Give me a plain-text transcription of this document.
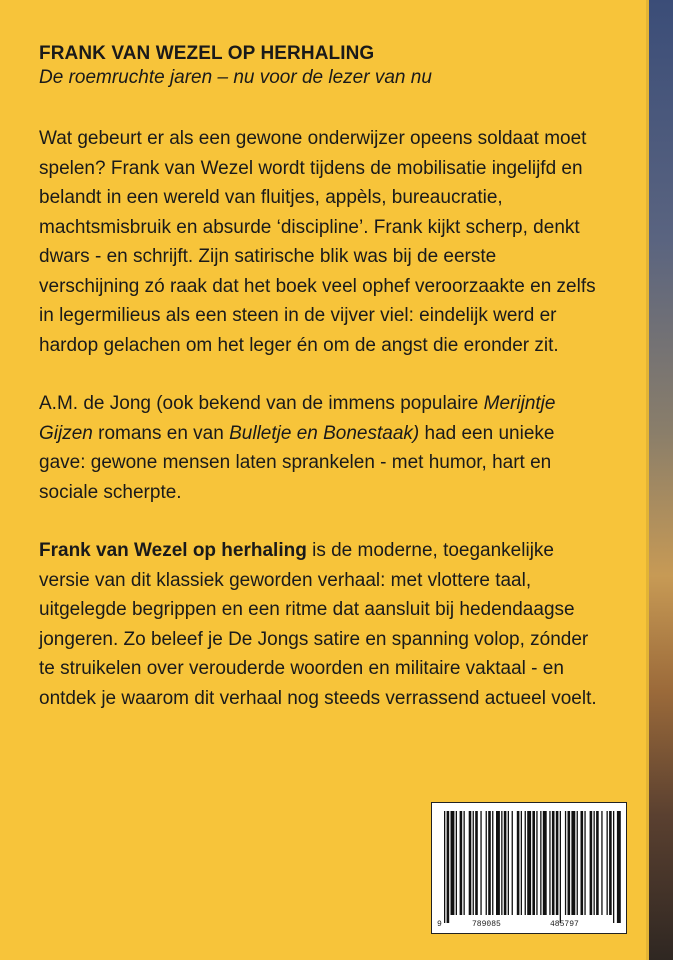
FRANK VAN WEZEL OP HERHALING
De roemruchte jaren – nu voor de lezer van nu

Wat gebeurt er als een gewone onderwijzer opeens soldaat moet spelen? Frank van Wezel wordt tijdens de mobilisatie ingelijfd en belandt in een wereld van fluitjes, appèls, bureaucratie, machtsmisbruik en absurde ‘discipline’. Frank kijkt scherp, denkt dwars - en schrijft. Zijn satirische blik was bij de eerste verschijning zó raak dat het boek veel ophef veroorzaakte en zelfs in legermilieus als een steen in de vijver viel: eindelijk werd er hardop gelachen om het leger én om de angst die eronder zit.

A.M. de Jong (ook bekend van de immens populaire Merijntje Gijzen romans en van Bulletje en Bonestaak) had een unieke gave: gewone mensen laten sprankelen - met humor, hart en sociale scherpte.

Frank van Wezel op herhaling is de moderne, toegankelijke versie van dit klassiek geworden verhaal: met vlottere taal, uitgelegde begrippen en een ritme dat aansluit bij hedendaagse jongeren. Zo beleef je De Jongs satire en spanning volop, zónder te struikelen over verouderde woorden en militaire vaktaal - en ontdek je waarom dit verhaal nog steeds verrassend actueel voelt.

9	789085	485797
